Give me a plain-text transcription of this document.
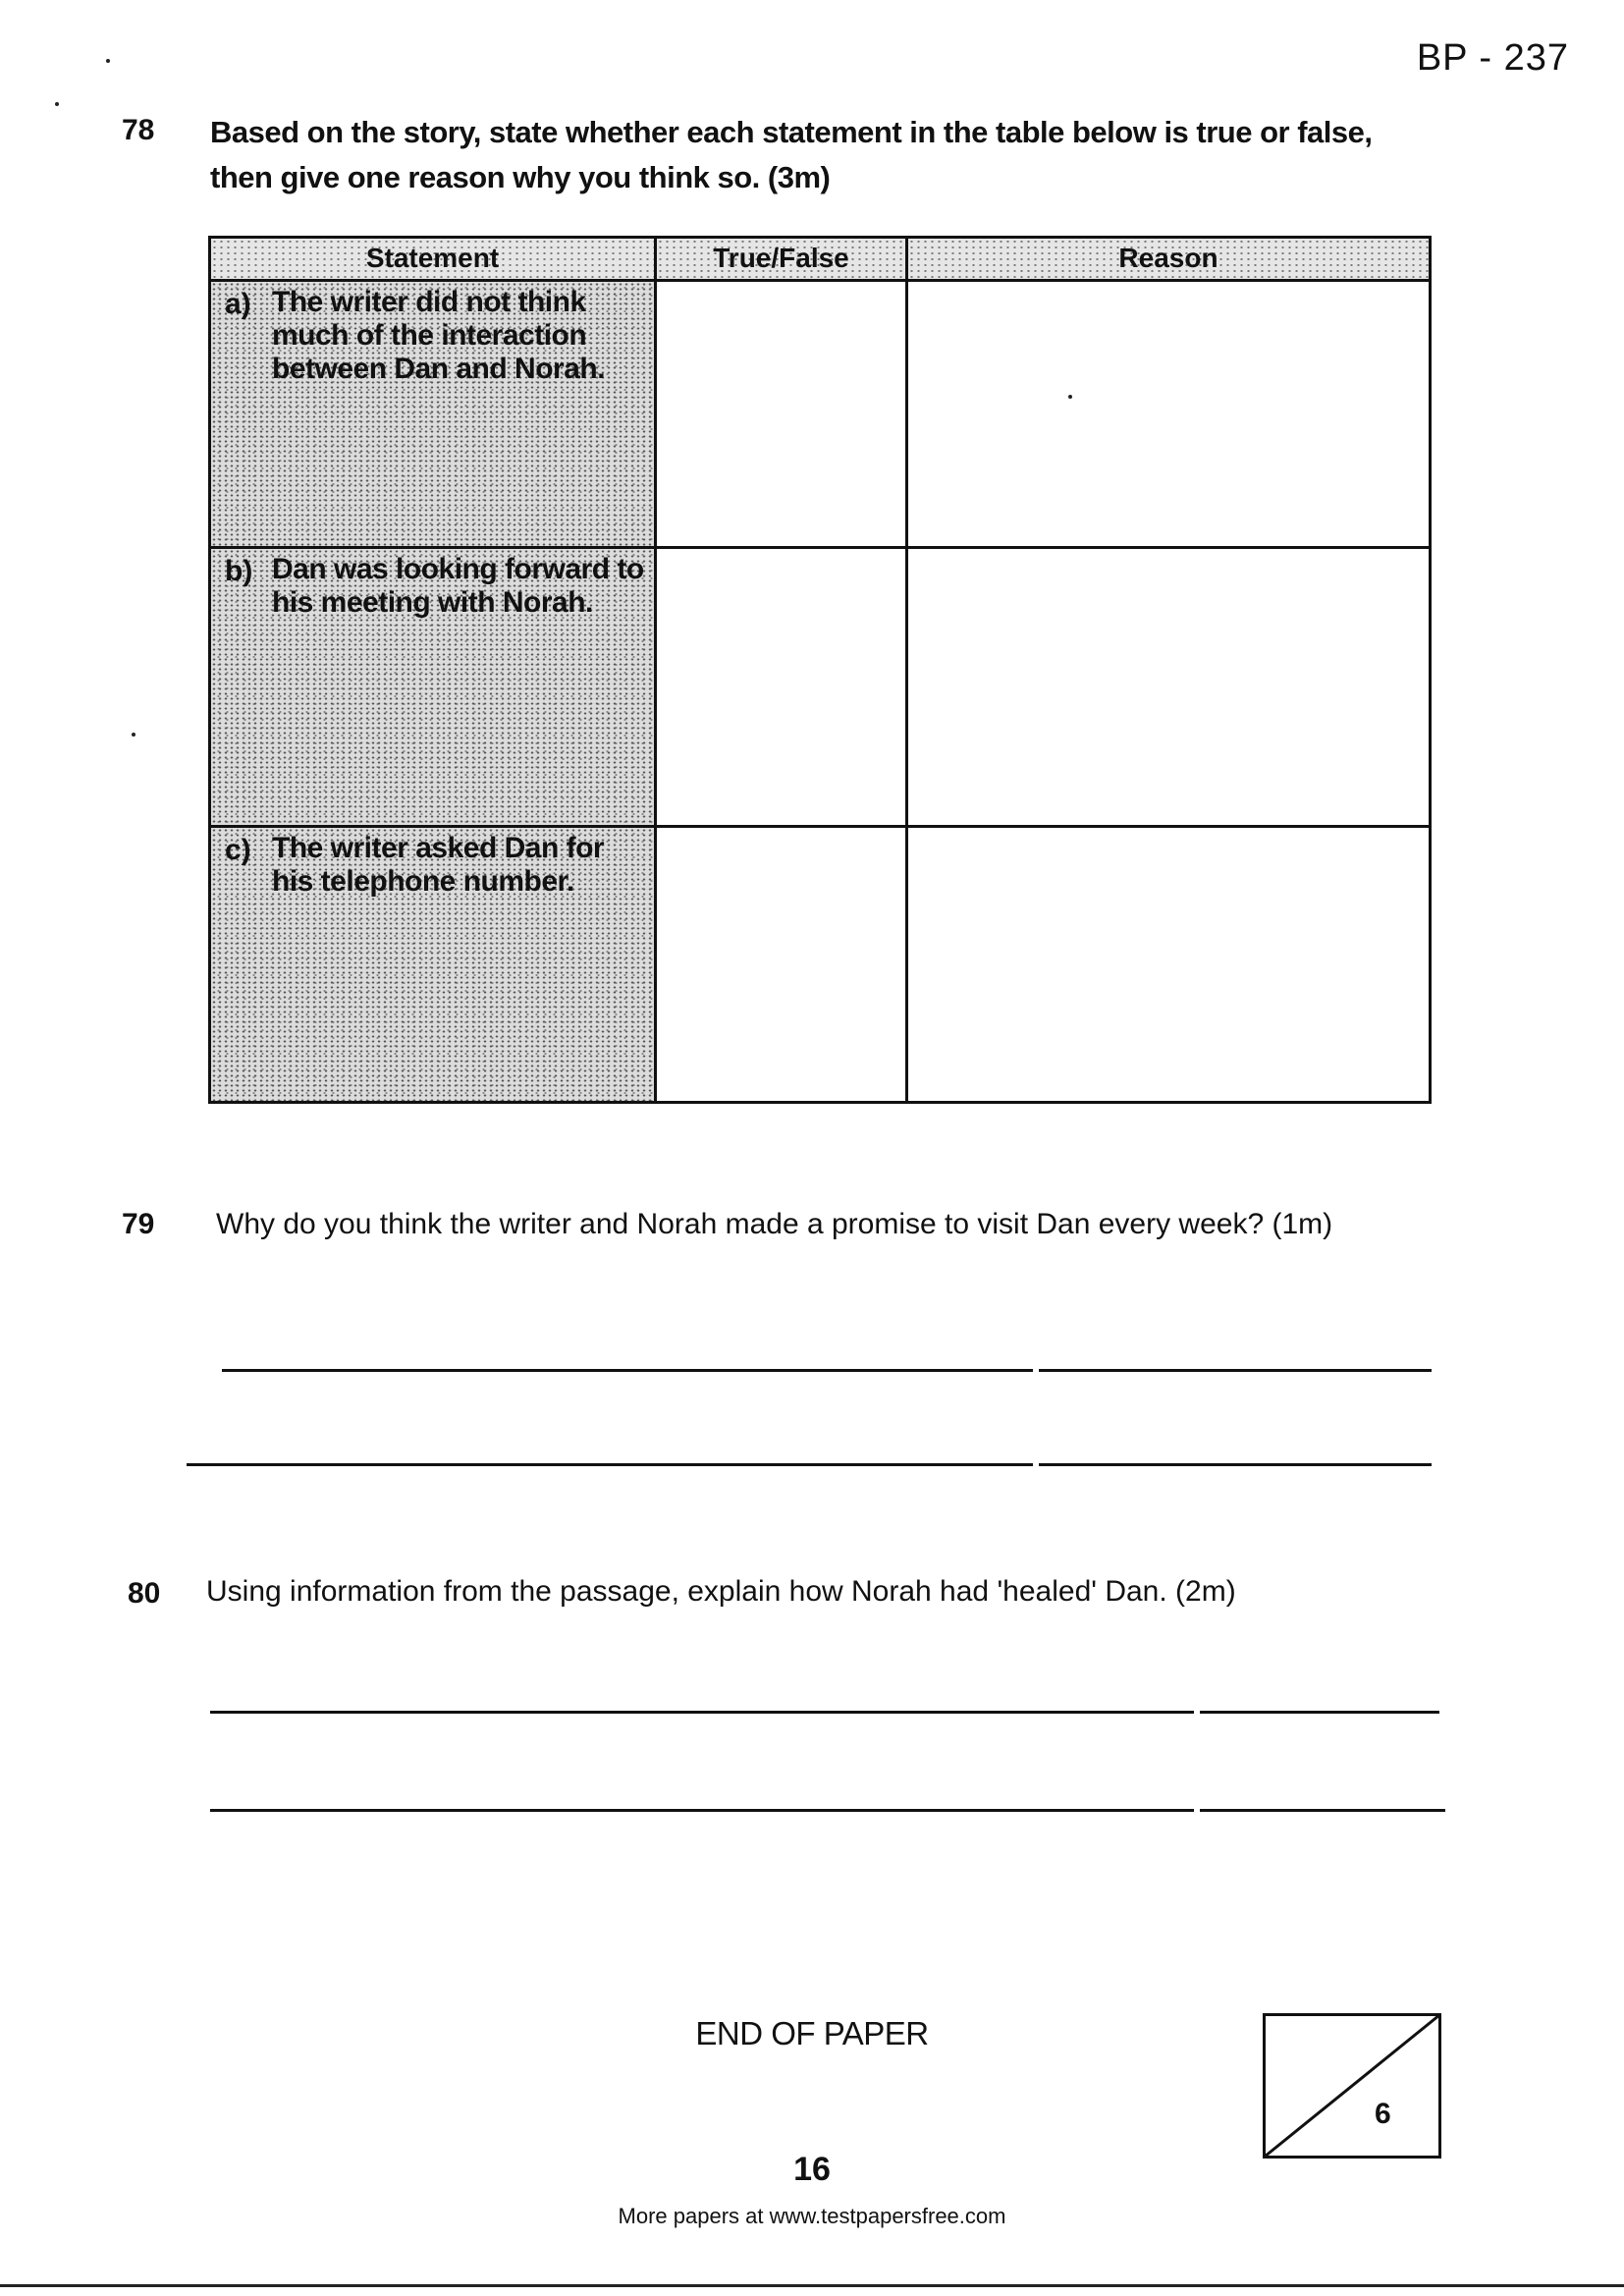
BP - 237
78 Based on the story, state whether each statement in the table below is true or false,
then give one reason why you think so. (3m)
Statement	True/False	Reason
a) The writer did not think much of the interaction between Dan and Norah.
b) Dan was looking forward to his meeting with Norah.
c) The writer asked Dan for his telephone number.
79 Why do you think the writer and Norah made a promise to visit Dan every week? (1m)
80 Using information from the passage, explain how Norah had 'healed' Dan. (2m)
END OF PAPER
6
16
More papers at www.testpapersfree.com
